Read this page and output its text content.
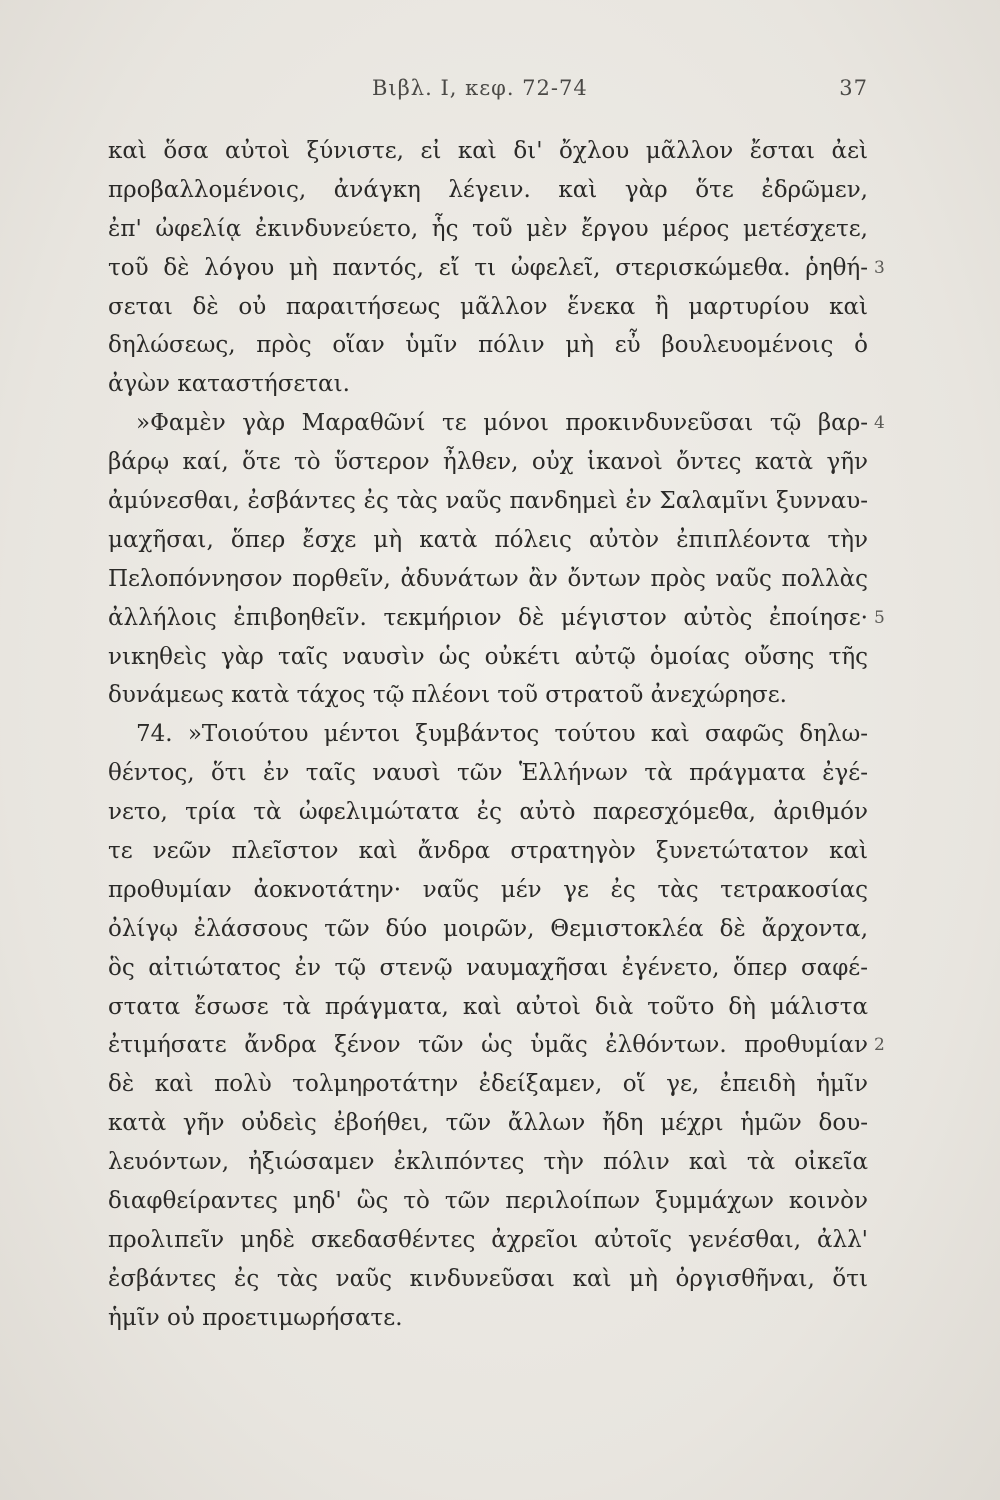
Βιβλ. Ι, κεφ. 72-74	37
καὶ ὅσα αὐτοὶ ξύνιστε, εἰ καὶ δι' ὄχλου μᾶλλον ἔσται ἀεὶ
προβαλλομένοις, ἀνάγκη λέγειν. καὶ γὰρ ὅτε ἐδρῶμεν,
ἐπ' ὠφελίᾳ ἐκινδυνεύετο, ἧς τοῦ μὲν ἔργου μέρος μετέσχετε,
τοῦ δὲ λόγου μὴ παντός, εἴ τι ὠφελεῖ, στερισκώμεθα. ῥηθή- 3
σεται δὲ οὐ παραιτήσεως μᾶλλον ἕνεκα ἢ μαρτυρίου καὶ
δηλώσεως, πρὸς οἵαν ὑμῖν πόλιν μὴ εὖ βουλευομένοις ὁ
ἀγὼν καταστήσεται.
»Φαμὲν γὰρ Μαραθῶνί τε μόνοι προκινδυνεῦσαι τῷ βαρ- 4
βάρῳ καί, ὅτε τὸ ὕστερον ἦλθεν, οὐχ ἱκανοὶ ὄντες κατὰ γῆν
ἀμύνεσθαι, ἐσβάντες ἐς τὰς ναῦς πανδημεὶ ἐν Σαλαμῖνι ξυνναυ-
μαχῆσαι, ὅπερ ἔσχε μὴ κατὰ πόλεις αὐτὸν ἐπιπλέοντα τὴν
Πελοπόννησον πορθεῖν, ἀδυνάτων ἂν ὄντων πρὸς ναῦς πολλὰς
ἀλλήλοις ἐπιβοηθεῖν. τεκμήριον δὲ μέγιστον αὐτὸς ἐποίησε· 5
νικηθεὶς γὰρ ταῖς ναυσὶν ὡς οὐκέτι αὐτῷ ὁμοίας οὔσης τῆς
δυνάμεως κατὰ τάχος τῷ πλέονι τοῦ στρατοῦ ἀνεχώρησε.
74. »Τοιούτου μέντοι ξυμβάντος τούτου καὶ σαφῶς δηλω-
θέντος, ὅτι ἐν ταῖς ναυσὶ τῶν Ἑλλήνων τὰ πράγματα ἐγέ-
νετο, τρία τὰ ὠφελιμώτατα ἐς αὐτὸ παρεσχόμεθα, ἀριθμόν
τε νεῶν πλεῖστον καὶ ἄνδρα στρατηγὸν ξυνετώτατον καὶ
προθυμίαν ἀοκνοτάτην· ναῦς μέν γε ἐς τὰς τετρακοσίας
ὀλίγῳ ἐλάσσους τῶν δύο μοιρῶν, Θεμιστοκλέα δὲ ἄρχοντα,
ὃς αἰτιώτατος ἐν τῷ στενῷ ναυμαχῆσαι ἐγένετο, ὅπερ σαφέ-
στατα ἔσωσε τὰ πράγματα, καὶ αὐτοὶ διὰ τοῦτο δὴ μάλιστα
ἐτιμήσατε ἄνδρα ξένον τῶν ὡς ὑμᾶς ἐλθόντων. προθυμίαν 2
δὲ καὶ πολὺ τολμηροτάτην ἐδείξαμεν, οἵ γε, ἐπειδὴ ἡμῖν
κατὰ γῆν οὐδεὶς ἐβοήθει, τῶν ἄλλων ἤδη μέχρι ἡμῶν δου-
λευόντων, ἠξιώσαμεν ἐκλιπόντες τὴν πόλιν καὶ τὰ οἰκεῖα
διαφθείραντες μηδ' ὣς τὸ τῶν περιλοίπων ξυμμάχων κοινὸν
προλιπεῖν μηδὲ σκεδασθέντες ἀχρεῖοι αὐτοῖς γενέσθαι, ἀλλ'
ἐσβάντες ἐς τὰς ναῦς κινδυνεῦσαι καὶ μὴ ὀργισθῆναι, ὅτι
ἡμῖν οὐ προετιμωρήσατε.
